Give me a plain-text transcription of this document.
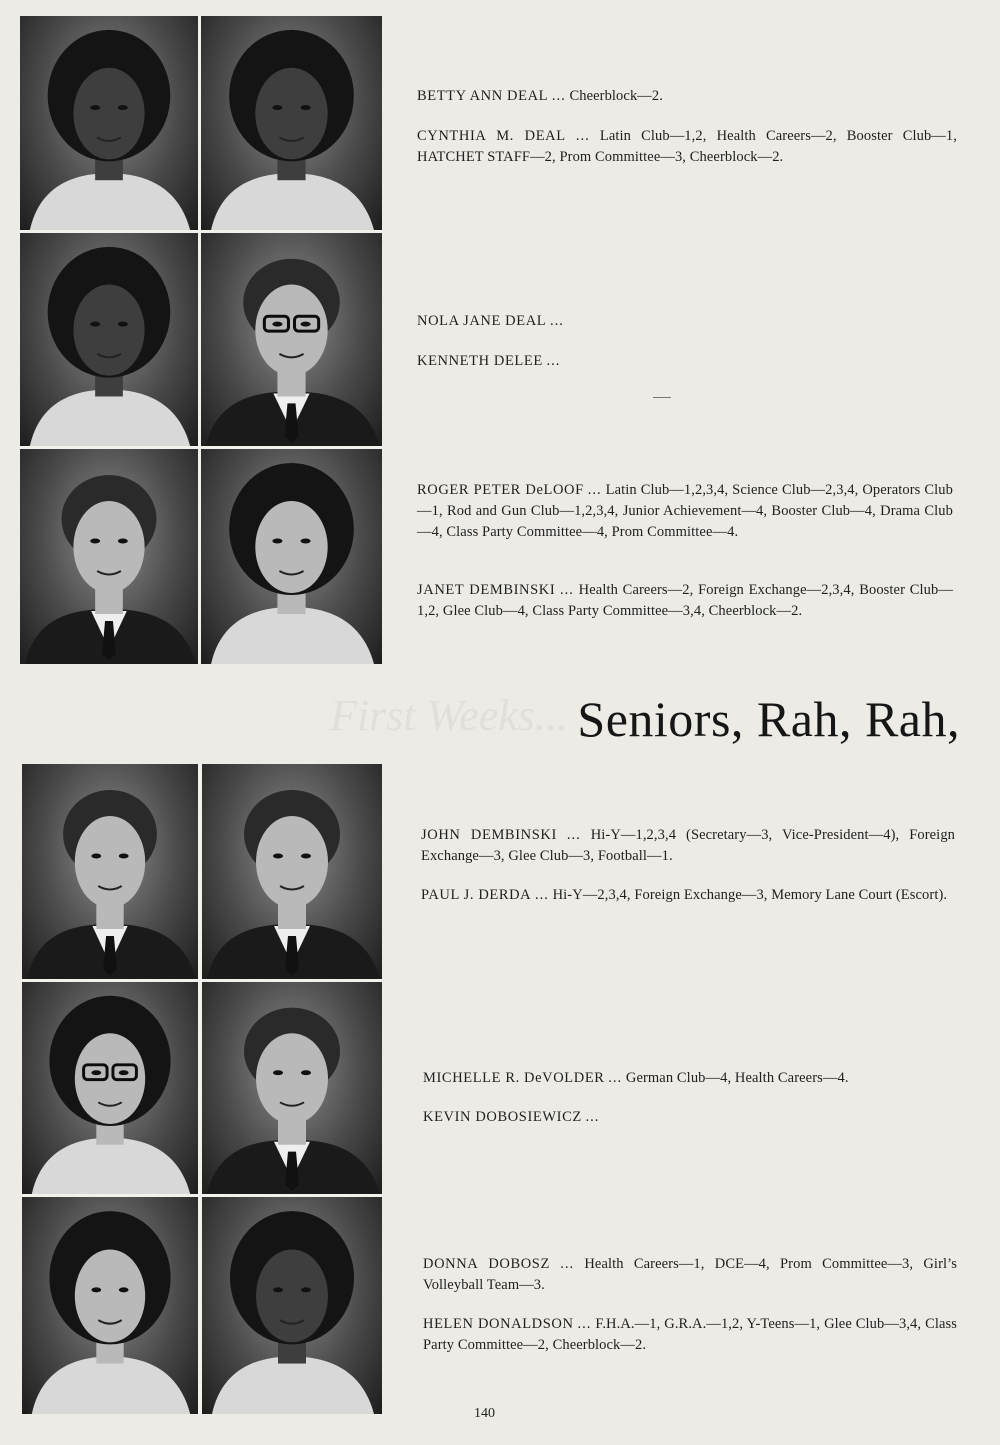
First Weeks...
BETTY ANN DEAL ... Cheerblock—2.
CYNTHIA M. DEAL ... Latin Club—1,2, Health Careers—2, Booster Club—1, HATCHET STAFF—2, Prom Committee—3, Cheerblock—2.
NOLA JANE DEAL ...
KENNETH DELEE ...
ROGER PETER DeLOOF ... Latin Club—1,2,3,4, Science Club—2,3,4, Operators Club—1, Rod and Gun Club—1,2,3,4, Junior Achievement—4, Booster Club—4, Drama Club—4, Class Party Committee—4, Prom Committee—4.
JANET DEMBINSKI ... Health Careers—2, Foreign Exchange—2,3,4, Booster Club—1,2, Glee Club—4, Class Party Committee—3,4, Cheerblock—2.
Seniors, Rah, Rah,
JOHN DEMBINSKI ... Hi-Y—1,2,3,4 (Secretary—3, Vice-President—4), Foreign Exchange—3, Glee Club—3, Football—1.
PAUL J. DERDA ... Hi-Y—2,3,4, Foreign Exchange—3, Memory Lane Court (Escort).
MICHELLE R. DeVOLDER ... German Club—4, Health Careers—4.
KEVIN DOBOSIEWICZ ...
DONNA DOBOSZ ... Health Careers—1, DCE—4, Prom Committee—3, Girl’s Volleyball Team—3.
HELEN DONALDSON ... F.H.A.—1, G.R.A.—1,2, Y-Teens—1, Glee Club—3,4, Class Party Committee—2, Cheerblock—2.
140
